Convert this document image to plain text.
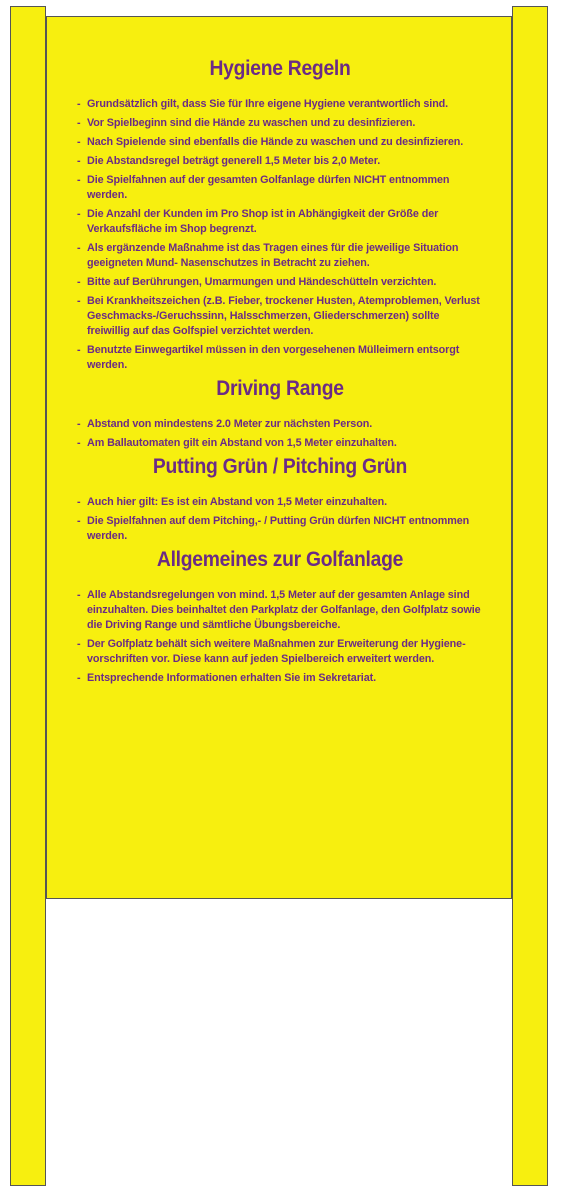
Hygiene Regeln
- Grundsätzlich gilt, dass Sie für Ihre eigene Hygiene verantwortlich sind.
- Vor Spielbeginn sind die Hände zu waschen und zu desinfizieren.
- Nach Spielende sind ebenfalls die Hände zu waschen und zu desinfizieren.
- Die Abstandsregel beträgt generell 1,5 Meter bis 2,0 Meter.
- Die Spielfahnen auf der gesamten Golfanlage dürfen NICHT entnommen werden.
- Die Anzahl der Kunden im Pro Shop ist in Abhängigkeit der Größe der Verkaufsfläche im Shop begrenzt.
- Als ergänzende Maßnahme ist das Tragen eines für die jeweilige Situation geeigneten Mund- Nasenschutzes in Betracht zu ziehen.
- Bitte auf Berührungen, Umarmungen und Händeschütteln verzichten.
- Bei Krankheitszeichen (z.B. Fieber, trockener Husten, Atemproblemen, Verlust Geschmacks-/Geruchssinn, Halsschmerzen, Gliederschmerzen) sollte freiwillig auf das Golfspiel verzichtet werden.
- Benutzte Einwegartikel müssen in den vorgesehenen Mülleimern entsorgt werden.
Driving Range
- Abstand von mindestens 2.0 Meter zur nächsten Person.
- Am Ballautomaten gilt ein Abstand von 1,5 Meter einzuhalten.
Putting Grün / Pitching Grün
- Auch hier gilt: Es ist ein Abstand von 1,5 Meter einzuhalten.
- Die Spielfahnen auf dem Pitching,- / Putting Grün dürfen NICHT entnommen werden.
Allgemeines zur Golfanlage
- Alle Abstandsregelungen von mind. 1,5 Meter auf der gesamten Anlage sind einzuhalten. Dies beinhaltet den Parkplatz der Golfanlage, den Golfplatz sowie die Driving Range und sämtliche Übungsbereiche.
- Der Golfplatz behält sich weitere Maßnahmen zur Erweiterung der Hygiene-vorschriften vor. Diese kann auf jeden Spielbereich erweitert werden.
- Entsprechende Informationen erhalten Sie im Sekretariat.
